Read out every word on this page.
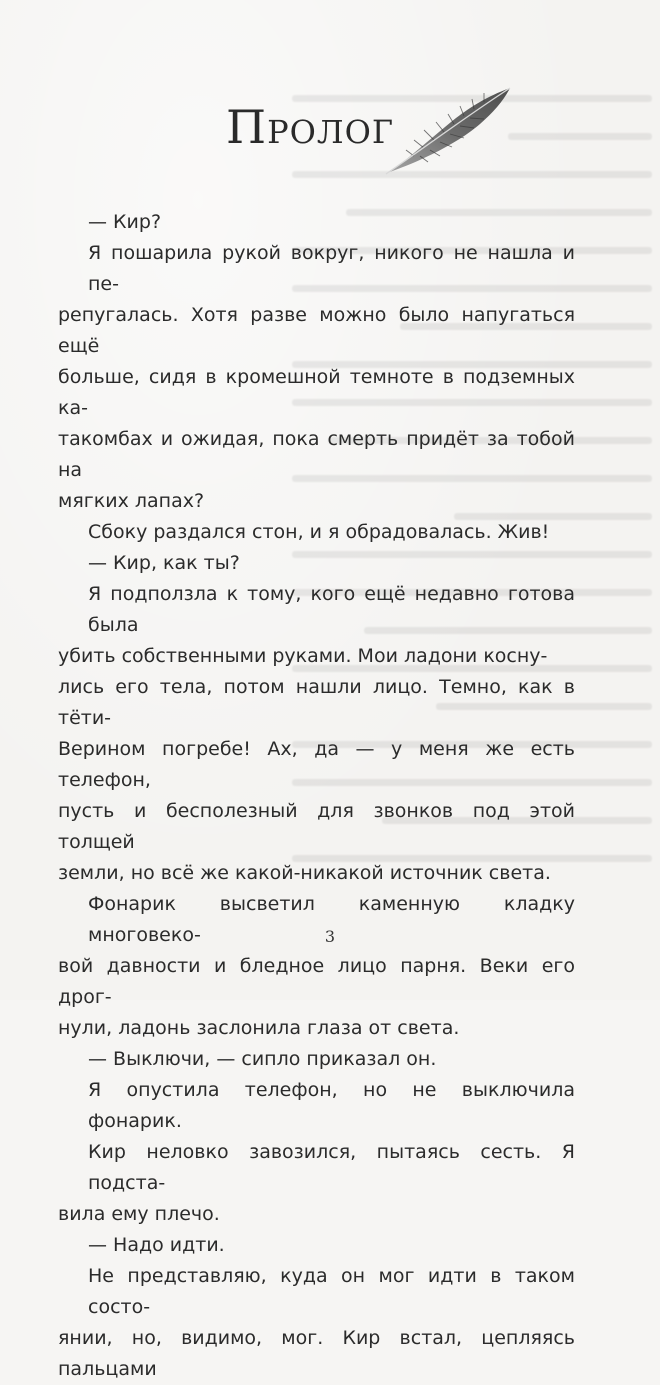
Пролог

— Кир?

Я пошарила рукой вокруг, никого не нашла и пе-

репугалась. Хотя разве можно было напугаться ещё

больше, сидя в кромешной темноте в подземных ка-

такомбах и ожидая, пока смерть придёт за тобой на

мягких лапах?

Сбоку раздался стон, и я обрадовалась. Жив!

— Кир, как ты?

Я подползла к тому, кого ещё недавно готова была

убить собственными руками. Мои ладони косну-

лись его тела, потом нашли лицо. Темно, как в тёти-

Верином погребе! Ах, да — у меня же есть телефон,

пусть и бесполезный для звонков под этой толщей

земли, но всё же какой-никакой источник света.

Фонарик высветил каменную кладку многовеко-

вой давности и бледное лицо парня. Веки его дрог-

нули, ладонь заслонила глаза от света.

— Выключи, — сипло приказал он.

Я опустила телефон, но не выключила фонарик.

Кир неловко завозился, пытаясь сесть. Я подста-

вила ему плечо.

— Надо идти.

Не представляю, куда он мог идти в таком состо-

янии, но, видимо, мог. Кир встал, цепляясь пальцами

3
